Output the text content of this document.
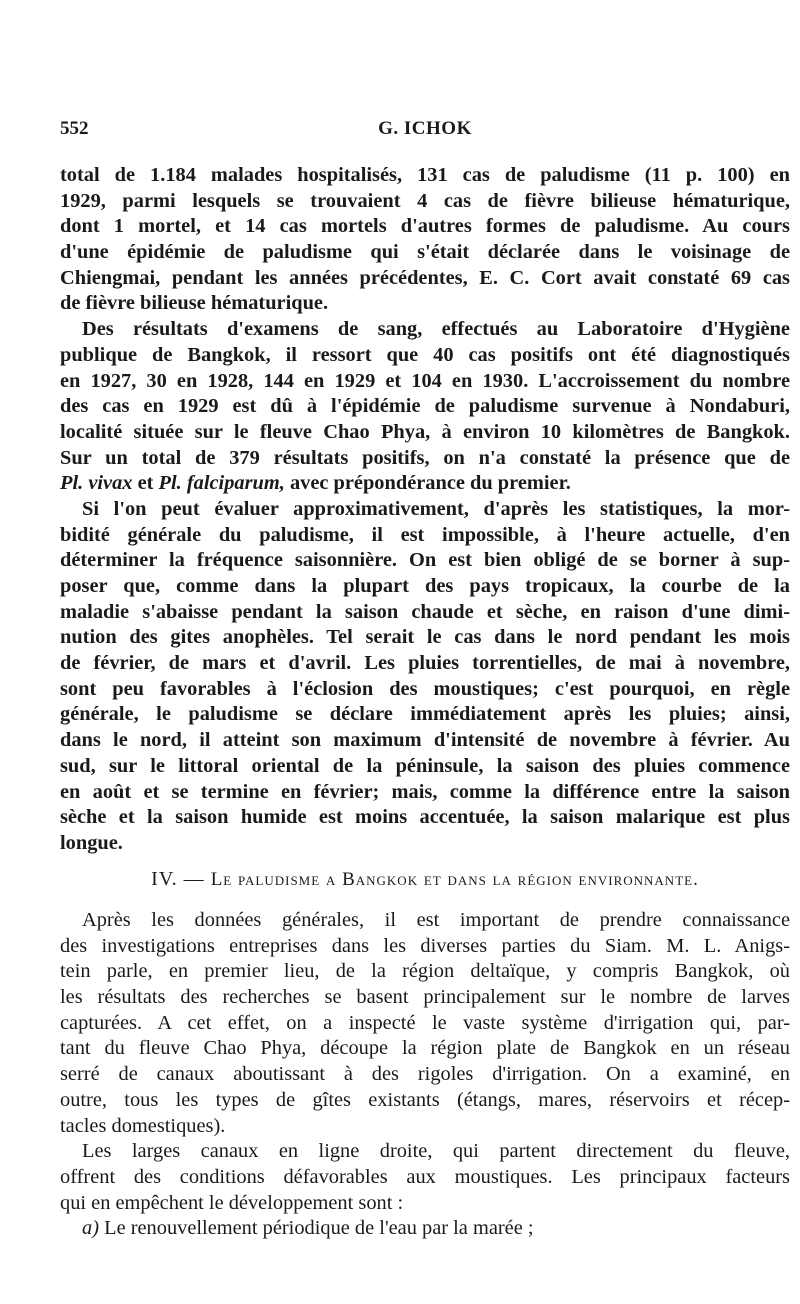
552	G. ICHOK
total de 1.184 malades hospitalisés, 131 cas de paludisme (11 p. 100) en
1929, parmi lesquels se trouvaient 4 cas de fièvre bilieuse hématurique,
dont 1 mortel, et 14 cas mortels d'autres formes de paludisme. Au cours
d'une épidémie de paludisme qui s'était déclarée dans le voisinage de
Chiengmai, pendant les années précédentes, E. C. Cort avait constaté 69 cas
de fièvre bilieuse hématurique.
Des résultats d'examens de sang, effectués au Laboratoire d'Hygiène
publique de Bangkok, il ressort que 40 cas positifs ont été diagnostiqués
en 1927, 30 en 1928, 144 en 1929 et 104 en 1930. L'accroissement du nombre
des cas en 1929 est dû à l'épidémie de paludisme survenue à Nondaburi,
localité située sur le fleuve Chao Phya, à environ 10 kilomètres de Bangkok.
Sur un total de 379 résultats positifs, on n'a constaté la présence que de
Pl. vivax et Pl. falciparum, avec prépondérance du premier.
Si l'on peut évaluer approximativement, d'après les statistiques, la mor-
bidité générale du paludisme, il est impossible, à l'heure actuelle, d'en
déterminer la fréquence saisonnière. On est bien obligé de se borner à sup-
poser que, comme dans la plupart des pays tropicaux, la courbe de la
maladie s'abaisse pendant la saison chaude et sèche, en raison d'une dimi-
nution des gites anophèles. Tel serait le cas dans le nord pendant les mois
de février, de mars et d'avril. Les pluies torrentielles, de mai à novembre,
sont peu favorables à l'éclosion des moustiques; c'est pourquoi, en règle
générale, le paludisme se déclare immédiatement après les pluies; ainsi,
dans le nord, il atteint son maximum d'intensité de novembre à février. Au
sud, sur le littoral oriental de la péninsule, la saison des pluies commence
en août et se termine en février; mais, comme la différence entre la saison
sèche et la saison humide est moins accentuée, la saison malarique est plus
longue.
IV. — Le paludisme a Bangkok et dans la région environnante.
Après les données générales, il est important de prendre connaissance
des investigations entreprises dans les diverses parties du Siam. M. L. Anigs-
tein parle, en premier lieu, de la région deltaïque, y compris Bangkok, où
les résultats des recherches se basent principalement sur le nombre de larves
capturées. A cet effet, on a inspecté le vaste système d'irrigation qui, par-
tant du fleuve Chao Phya, découpe la région plate de Bangkok en un réseau
serré de canaux aboutissant à des rigoles d'irrigation. On a examiné, en
outre, tous les types de gîtes existants (étangs, mares, réservoirs et récep-
tacles domestiques).
Les larges canaux en ligne droite, qui partent directement du fleuve,
offrent des conditions défavorables aux moustiques. Les principaux facteurs
qui en empêchent le développement sont :
a) Le renouvellement périodique de l'eau par la marée ;
